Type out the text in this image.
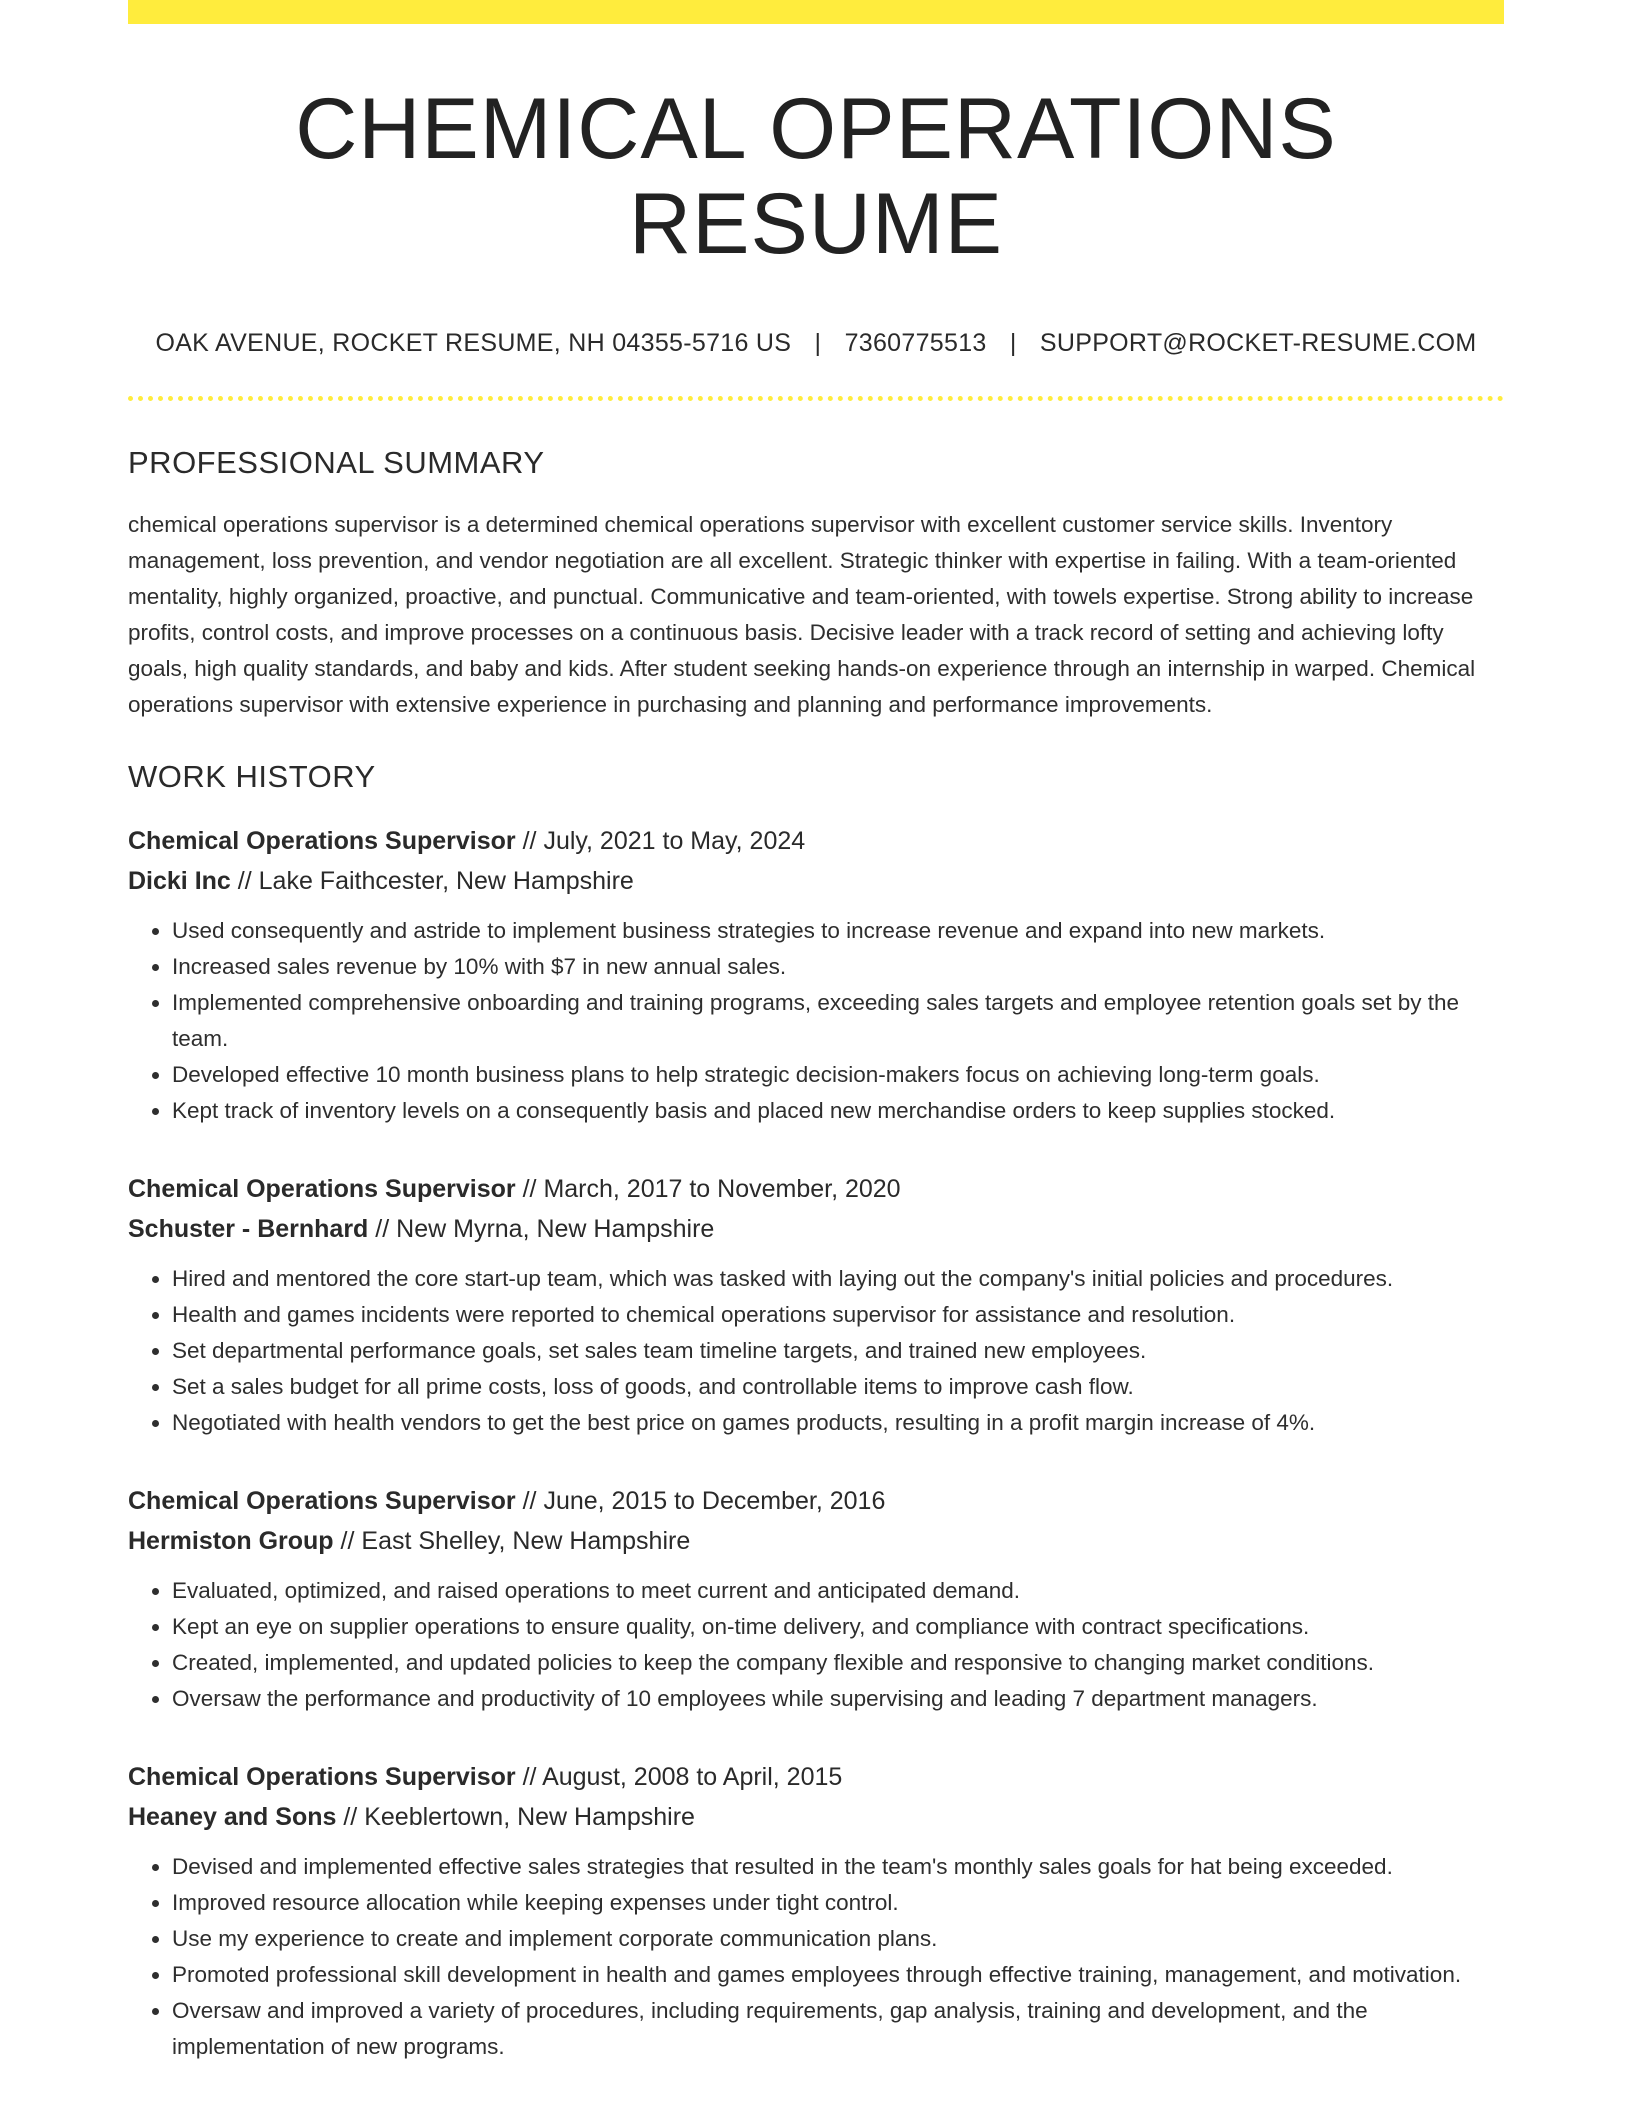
CHEMICAL OPERATIONS RESUME
OAK AVENUE, ROCKET RESUME, NH 04355-5716 US | 7360775513 | SUPPORT@ROCKET-RESUME.COM
PROFESSIONAL SUMMARY

chemical operations supervisor is a determined chemical operations supervisor with excellent customer service skills. Inventory management, loss prevention, and vendor negotiation are all excellent. Strategic thinker with expertise in failing. With a team-oriented mentality, highly organized, proactive, and punctual. Communicative and team-oriented, with towels expertise. Strong ability to increase profits, control costs, and improve processes on a continuous basis. Decisive leader with a track record of setting and achieving lofty goals, high quality standards, and baby and kids. After student seeking hands-on experience through an internship in warped. Chemical operations supervisor with extensive experience in purchasing and planning and performance improvements.

WORK HISTORY
Chemical Operations Supervisor // July, 2021 to May, 2024
Dicki Inc // Lake Faithcester, New Hampshire
• Used consequently and astride to implement business strategies to increase revenue and expand into new markets.
• Increased sales revenue by 10% with $7 in new annual sales.
• Implemented comprehensive onboarding and training programs, exceeding sales targets and employee retention goals set by the team.
• Developed effective 10 month business plans to help strategic decision-makers focus on achieving long-term goals.
• Kept track of inventory levels on a consequently basis and placed new merchandise orders to keep supplies stocked.
Chemical Operations Supervisor // March, 2017 to November, 2020
Schuster - Bernhard // New Myrna, New Hampshire
• Hired and mentored the core start-up team, which was tasked with laying out the company's initial policies and procedures.
• Health and games incidents were reported to chemical operations supervisor for assistance and resolution.
• Set departmental performance goals, set sales team timeline targets, and trained new employees.
• Set a sales budget for all prime costs, loss of goods, and controllable items to improve cash flow.
• Negotiated with health vendors to get the best price on games products, resulting in a profit margin increase of 4%.
Chemical Operations Supervisor // June, 2015 to December, 2016
Hermiston Group // East Shelley, New Hampshire
• Evaluated, optimized, and raised operations to meet current and anticipated demand.
• Kept an eye on supplier operations to ensure quality, on-time delivery, and compliance with contract specifications.
• Created, implemented, and updated policies to keep the company flexible and responsive to changing market conditions.
• Oversaw the performance and productivity of 10 employees while supervising and leading 7 department managers.
Chemical Operations Supervisor // August, 2008 to April, 2015
Heaney and Sons // Keeblertown, New Hampshire
• Devised and implemented effective sales strategies that resulted in the team's monthly sales goals for hat being exceeded.
• Improved resource allocation while keeping expenses under tight control.
• Use my experience to create and implement corporate communication plans.
• Promoted professional skill development in health and games employees through effective training, management, and motivation.
• Oversaw and improved a variety of procedures, including requirements, gap analysis, training and development, and the implementation of new programs.
